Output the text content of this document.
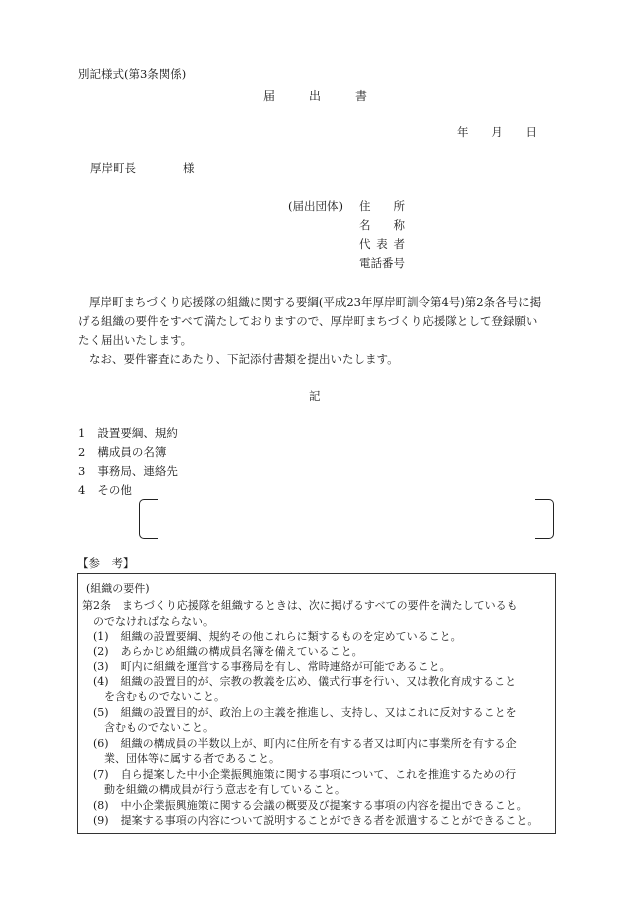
別記様式(第3条関係)
届	出	書
年 月 日
厚岸町長	様
(届出団体) 住 所
名 称
代 表 者
電話番号
厚岸町まちづくり応援隊の組織に関する要綱(平成23年厚岸町訓令第4号)第2条各号に掲
げる組織の要件をすべて満たしておりますので、厚岸町まちづくり応援隊として登録願い
たく届出いたします。
なお、要件審査にあたり、下記添付書類を提出いたします。
記
1 設置要綱、規約
2 構成員の名簿
3 事務局、連絡先
4 その他
【参　考】
(組織の要件)
第2条　まちづくり応援隊を組織するときは、次に掲げるすべての要件を満たしているも
のでなければならない。
(1) 組織の設置要綱、規約その他これらに類するものを定めていること。
(2) あらかじめ組織の構成員名簿を備えていること。
(3) 町内に組織を運営する事務局を有し、常時連絡が可能であること。
(4) 組織の設置目的が、宗教の教義を広め、儀式行事を行い、又は教化育成すること
を含むものでないこと。
(5) 組織の設置目的が、政治上の主義を推進し、支持し、又はこれに反対することを
含むものでないこと。
(6) 組織の構成員の半数以上が、町内に住所を有する者又は町内に事業所を有する企
業、団体等に属する者であること。
(7) 自ら提案した中小企業振興施策に関する事項について、これを推進するための行
動を組織の構成員が行う意志を有していること。
(8) 中小企業振興施策に関する会議の概要及び提案する事項の内容を提出できること。
(9) 提案する事項の内容について説明することができる者を派遣することができること。
